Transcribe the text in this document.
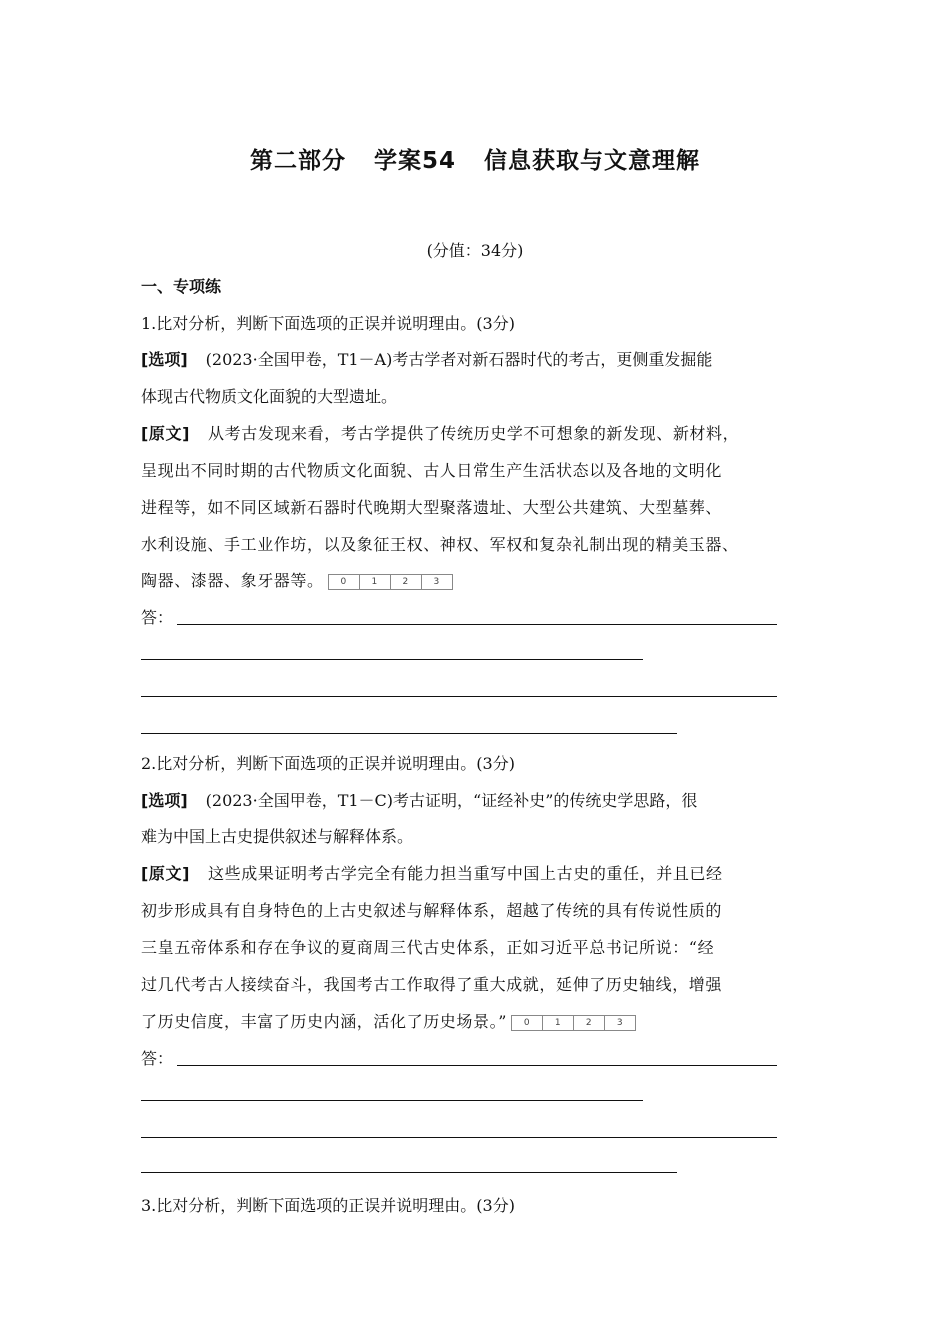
第二部分 学案54 信息获取与文意理解
(分值：34分)
一、专项练
1.比对分析，判断下面选项的正误并说明理由。(3分)
[选项] (2023·全国甲卷，T1－A)考古学者对新石器时代的考古，更侧重发掘能
体现古代物质文化面貌的大型遗址。
[原文] 从考古发现来看，考古学提供了传统历史学不可想象的新发现、新材料，
呈现出不同时期的古代物质文化面貌、古人日常生产生活状态以及各地的文明化
进程等，如不同区域新石器时代晚期大型聚落遗址、大型公共建筑、大型墓葬、
水利设施、手工业作坊，以及象征王权、神权、军权和复杂礼制出现的精美玉器、
陶器、漆器、象牙器等。	0	1	2	3
答：
2.比对分析，判断下面选项的正误并说明理由。(3分)
[选项] (2023·全国甲卷，T1－C)考古证明，“证经补史”的传统史学思路，很
难为中国上古史提供叙述与解释体系。
[原文] 这些成果证明考古学完全有能力担当重写中国上古史的重任，并且已经
初步形成具有自身特色的上古史叙述与解释体系，超越了传统的具有传说性质的
三皇五帝体系和存在争议的夏商周三代古史体系，正如习近平总书记所说：“经
过几代考古人接续奋斗，我国考古工作取得了重大成就，延伸了历史轴线，增强
了历史信度，丰富了历史内涵，活化了历史场景。”	0	1	2	3
答：
3.比对分析，判断下面选项的正误并说明理由。(3分)
